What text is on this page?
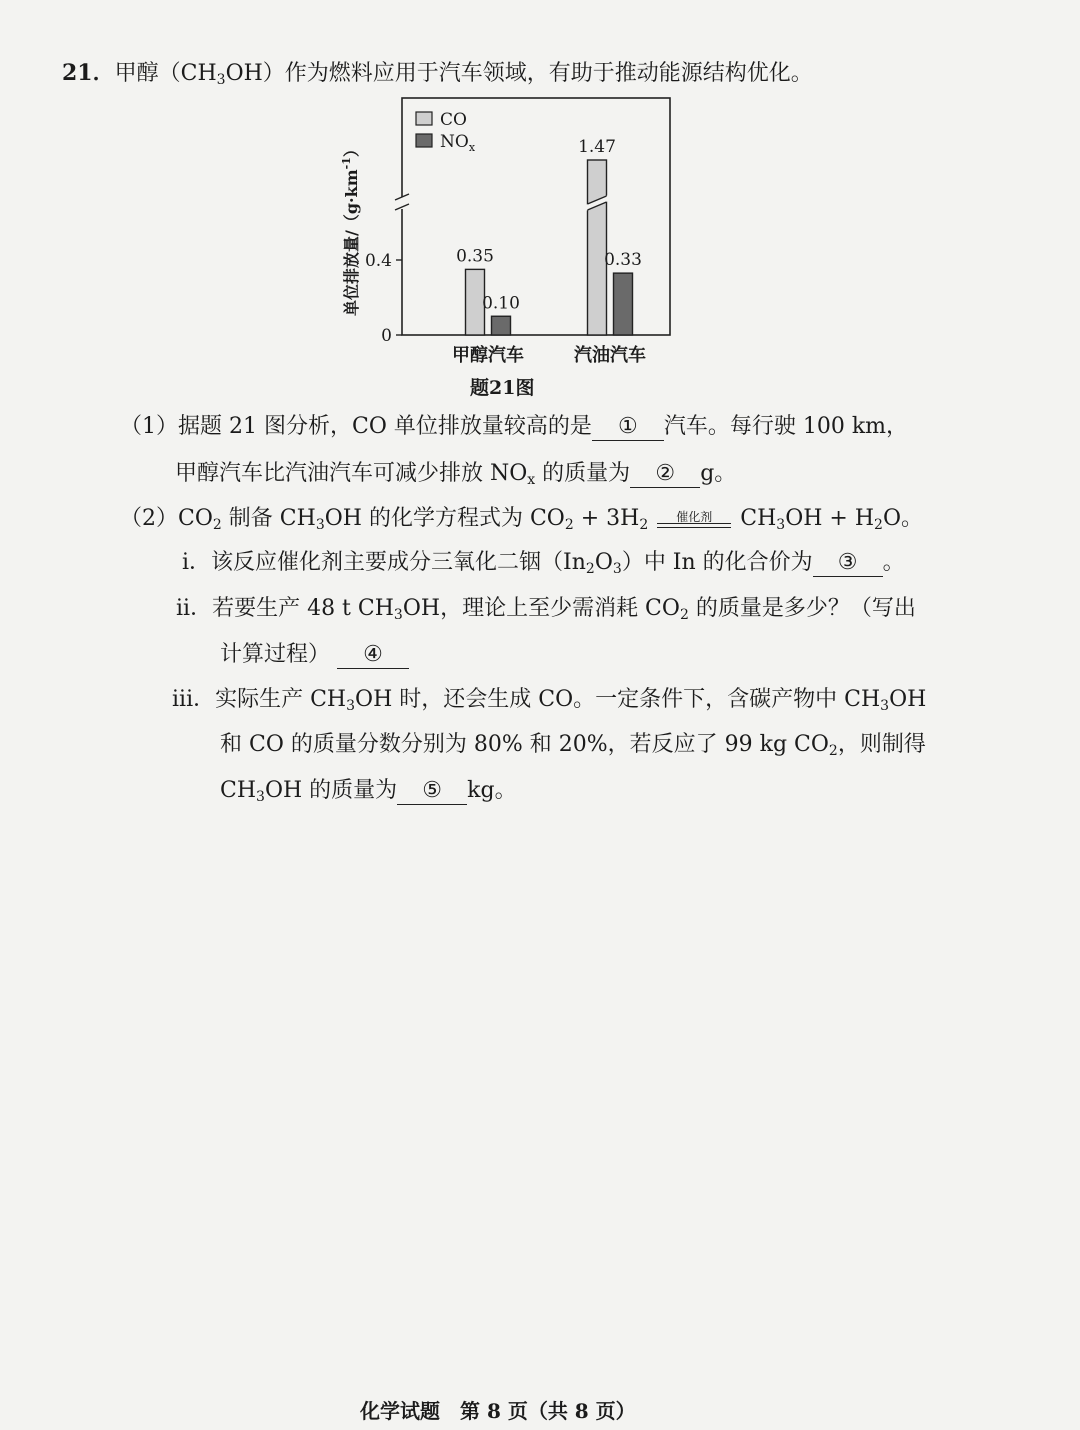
21．甲醇$(CH_3OH)$作为燃料应用于汽车领域，有助于推动能源结构优化。
0
0.4
单位排放量$/(g\cdot km^{-1})$
0.35
1.47
0.10
0.33
甲醇汽车	汽油汽车
CO
$NO_x$
题21图
（1）据题 21 图分析，CO 单位排放量较高的是 ① 汽车。每行驶 100 km，
甲醇汽车比汽油汽车可减少排放 $NO_x$ 的质量为 ② g。
$(2)CO_2$ 制备 $CH_3OH$ 的化学方程式为 $CO_2 + 3H_2$	催化剂 $CH_3OH + H_2O$。
i．该反应催化剂主要成分三氧化二铟$(In_2O_3)$中 In 的化合价为 ③ 。
ii．若要生产 48 t $CH_3OH$，理论上至少需消耗 $CO_2$ 的质量是多少？（写出
计算过程） ④
iii．实际生产 $CH_3OH$ 时，还会生成 CO。一定条件下，含碳产物中 $CH_3OH$
和 CO 的质量分数分别为 80% 和 20%，若反应了 99 kg $CO_2$，则制得
$CH_3OH$ 的质量为 ⑤ kg。
化学试题　第 8 页（共 8 页）
